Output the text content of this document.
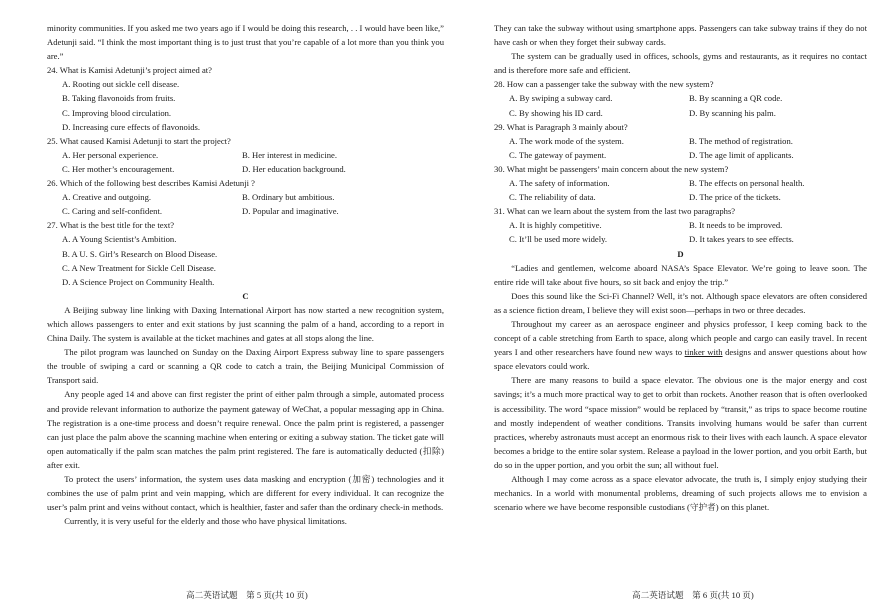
minority communities. If you asked me two years ago if I would be doing this research, . . I would have been like,” Adetunji said. “I think the most important thing is to just trust that you’re capable of a lot more than you think you are.”

24. What is Kamisi Adetunji’s project aimed at?

A. Rooting out sickle cell disease.
B. Taking flavonoids from fruits.
C. Improving blood circulation.
D. Increasing cure effects of flavonoids.

25. What caused Kamisi Adetunji to start the project?

A. Her personal experience.	B. Her interest in medicine.
C. Her mother’s encouragement.	D. Her education background.

26. Which of the following best describes Kamisi Adetunji ?

A. Creative and outgoing.	B. Ordinary but ambitious.
C. Caring and self-confident.	D. Popular and imaginative.

27. What is the best title for the text?

A. A Young Scientist’s Ambition.
B. A U. S. Girl’s Research on Blood Disease.
C. A New Treatment for Sickle Cell Disease.
D. A Science Project on Community Health.

C

A Beijing subway line linking with Daxing International Airport has now started a new recognition system, which allows passengers to enter and exit stations by just scanning the palm of a hand, according to a report in China Daily. The system is available at the ticket machines and gates at all stops along the line.

The pilot program was launched on Sunday on the Daxing Airport Express subway line to spare passengers the trouble of swiping a card or scanning a QR code to catch a train, the Beijing Municipal Commission of Transport said.

Any people aged 14 and above can first register the print of either palm through a simple, automated process and provide relevant information to authorize the payment gateway of WeChat, a popular messaging app in China. The registration is a one-time process and doesn’t require renewal. Once the palm print is registered, a passenger can just place the palm above the scanning machine when entering or exiting a subway station. The ticket gate will open automatically if the palm scan matches the palm print registered. The fare is automatically deducted (扣除) after exit.

To protect the users’ information, the system uses data masking and encryption (加密) technologies and it combines the use of palm print and vein mapping, which are different for every individual. It can recognize the user’s palm print and veins without contact, which is healthier, faster and safer than the ordinary check-in methods.

Currently, it is very useful for the elderly and those who have physical limitations.

高二英语试题　第 5 页(共 10 页)

They can take the subway without using smartphone apps. Passengers can take subway trains if they do not have cash or when they forget their subway cards.

The system can be gradually used in offices, schools, gyms and restaurants, as it requires no contact and is therefore more safe and efficient.

28. How can a passenger take the subway with the new system?

A. By swiping a subway card.	B. By scanning a QR code.
C. By showing his ID card.	D. By scanning his palm.

29. What is Paragraph 3 mainly about?

A. The work mode of the system.	B. The method of registration.
C. The gateway of payment.	D. The age limit of applicants.

30. What might be passengers’ main concern about the new system?

A. The safety of information.	B. The effects on personal health.
C. The reliability of data.	D. The price of the tickets.

31. What can we learn about the system from the last two paragraphs?

A. It is highly competitive.	B. It needs to be improved.
C. It’ll be used more widely.	D. It takes years to see effects.

D

“Ladies and gentlemen, welcome aboard NASA’s Space Elevator. We’re going to leave soon. The entire ride will take about five hours, so sit back and enjoy the trip.”

Does this sound like the Sci-Fi Channel? Well, it’s not. Although space elevators are often considered as a science fiction dream, I believe they will exist soon—perhaps in two or three decades.

Throughout my career as an aerospace engineer and physics professor, I keep coming back to the concept of a cable stretching from Earth to space, along which people and cargo can easily travel. In recent years I and other researchers have found new ways to tinker with designs and answer questions about how space elevators could work.

There are many reasons to build a space elevator. The obvious one is the major energy and cost savings; it’s a much more practical way to get to orbit than rockets. Another reason that is often overlooked is accessibility. The word “space mission” would be replaced by “transit,” as trips to space become routine and mostly independent of weather conditions. Transits involving humans would be safer than current practices, whereby astronauts must accept an enormous risk to their lives with each launch. A space elevator becomes a bridge to the entire solar system. Release a payload in the lower portion, and you orbit Earth, but do so in the upper portion, and you orbit the sun; all without fuel.

Although I may come across as a space elevator advocate, the truth is, I simply enjoy studying their mechanics. In a world with monumental problems, dreaming of such projects allows me to envision a scenario where we have become responsible custodians (守护者) on this planet.

高二英语试题　第 6 页(共 10 页)
